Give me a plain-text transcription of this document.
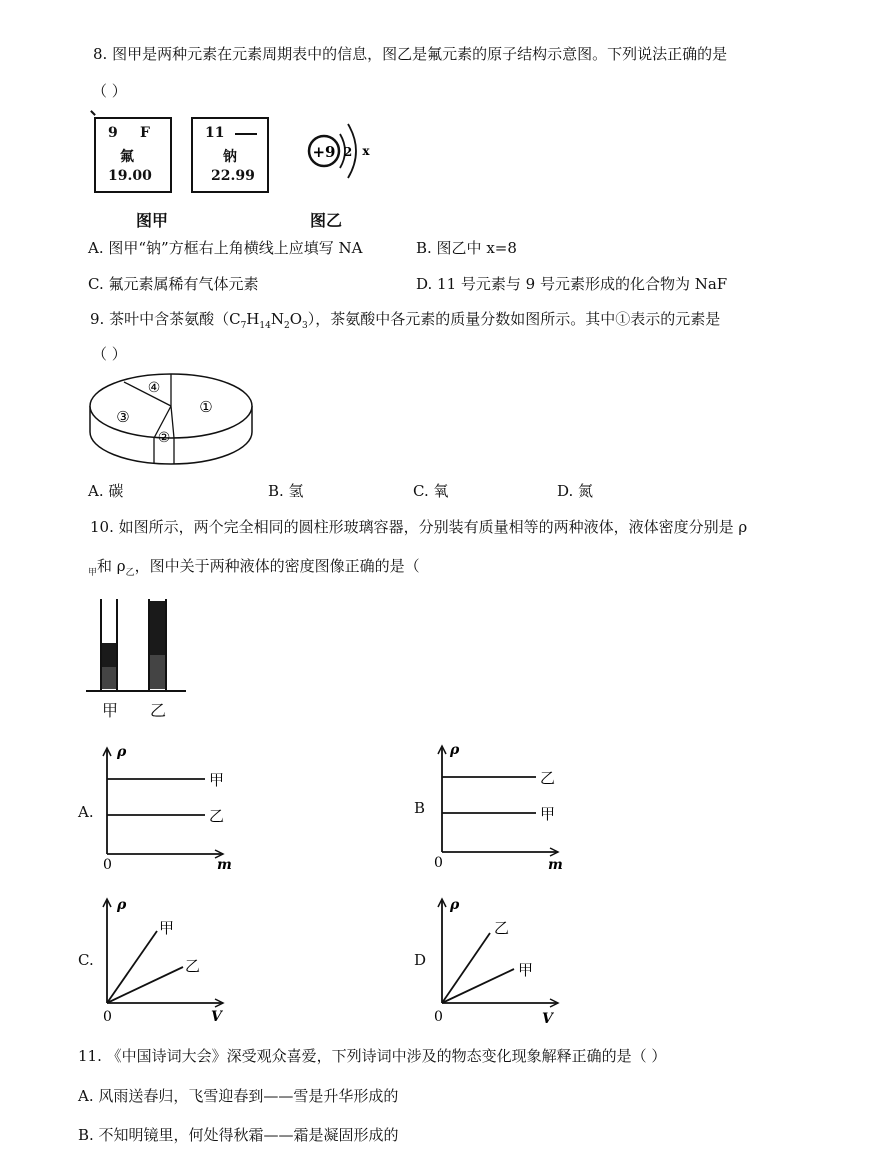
8. 图甲是两种元素在元素周期表中的信息，图乙是氟元素的原子结构示意图。下列说法正确的是
（ ）
9 F
氟
19.00
11
钠
22.99
+9 2 x
图甲	图乙
A. 图甲“钠”方框右上角横线上应填写 NA	B. 图乙中 x=8
C. 氟元素属稀有气体元素	D. 11 号元素与 9 号元素形成的化合物为 NaF
9. 茶叶中含茶氨酸$(C_7H_{14}N_2O_3)$，茶氨酸中各元素的质量分数如图所示。其中①表示的元素是
（ ）
①
②
③
④
A. 碳	B. 氢	C. 氧	D. 氮
10. 如图所示，两个完全相同的圆柱形玻璃容器，分别装有质量相等的两种液体，液体密度分别是 ρ
$_甲$和 $\rho_乙$，图中关于两种液体的密度图像正确的是（
甲 乙
A.
ρ
m
0
甲
乙	B
ρ
m
0
乙
甲
C.
ρ
V
0
甲
乙	D
ρ
V
0
乙
甲
11. 《中国诗词大会》深受观众喜爱，下列诗词中涉及的物态变化现象解释正确的是（ ）
A. 风雨送春归，飞雪迎春到——雪是升华形成的
B. 不知明镜里，何处得秋霜——霜是凝固形成的
